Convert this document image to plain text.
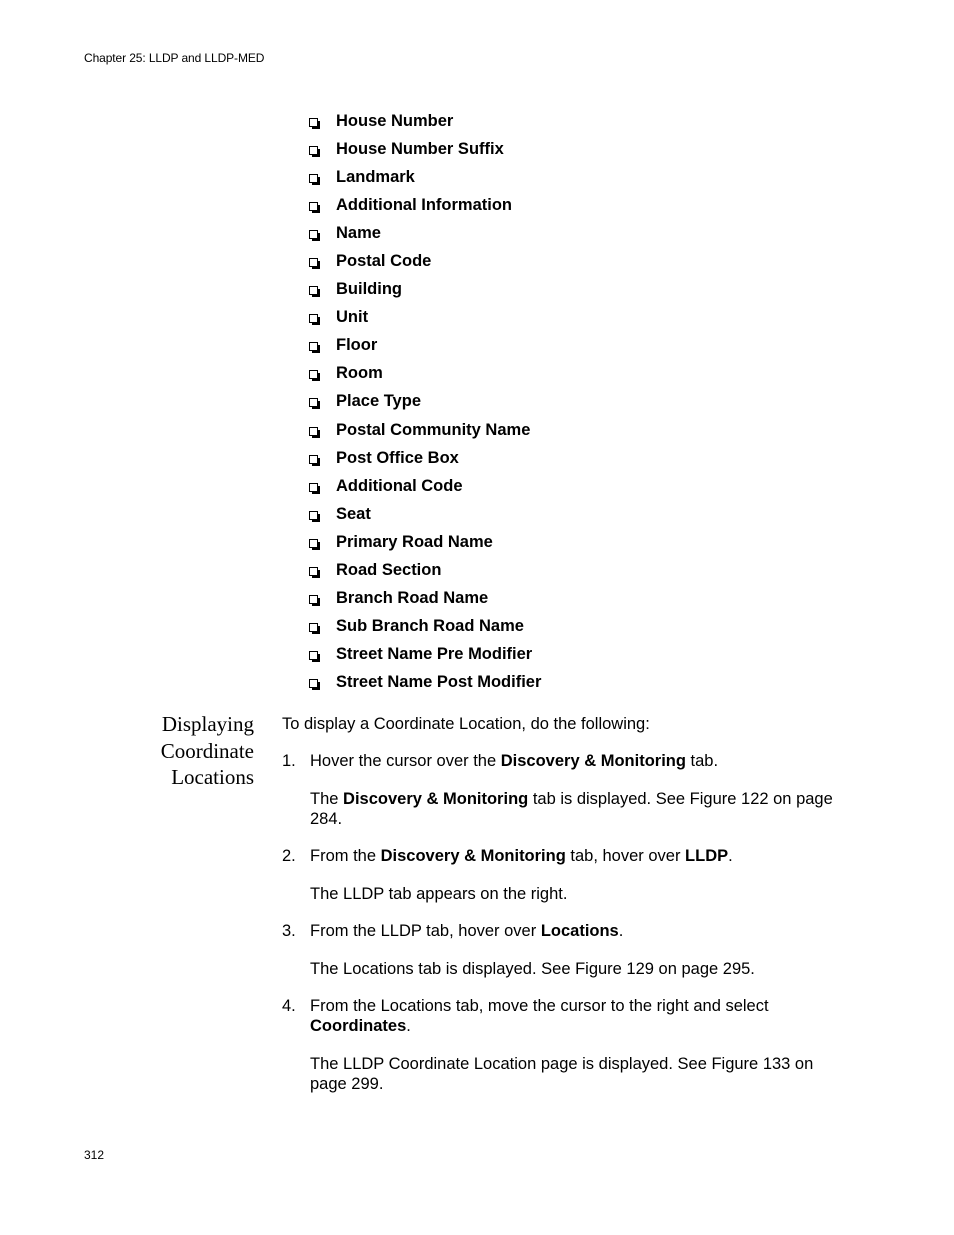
Chapter 25: LLDP and LLDP-MED
House Number
House Number Suffix
Landmark
Additional Information
Name
Postal Code
Building
Unit
Floor
Room
Place Type
Postal Community Name
Post Office Box
Additional Code
Seat
Primary Road Name
Road Section
Branch Road Name
Sub Branch Road Name
Street Name Pre Modifier
Street Name Post Modifier
Displaying
Coordinate
Locations

To display a Coordinate Location, do the following:

1. Hover the cursor over the Discovery & Monitoring tab.

The Discovery & Monitoring tab is displayed. See Figure 122 on page 284.

2. From the Discovery & Monitoring tab, hover over LLDP.

The LLDP tab appears on the right.

3. From the LLDP tab, hover over Locations.

The Locations tab is displayed. See Figure 129 on page 295.

4. From the Locations tab, move the cursor to the right and select Coordinates.

The LLDP Coordinate Location page is displayed. See Figure 133 on page 299.

312
